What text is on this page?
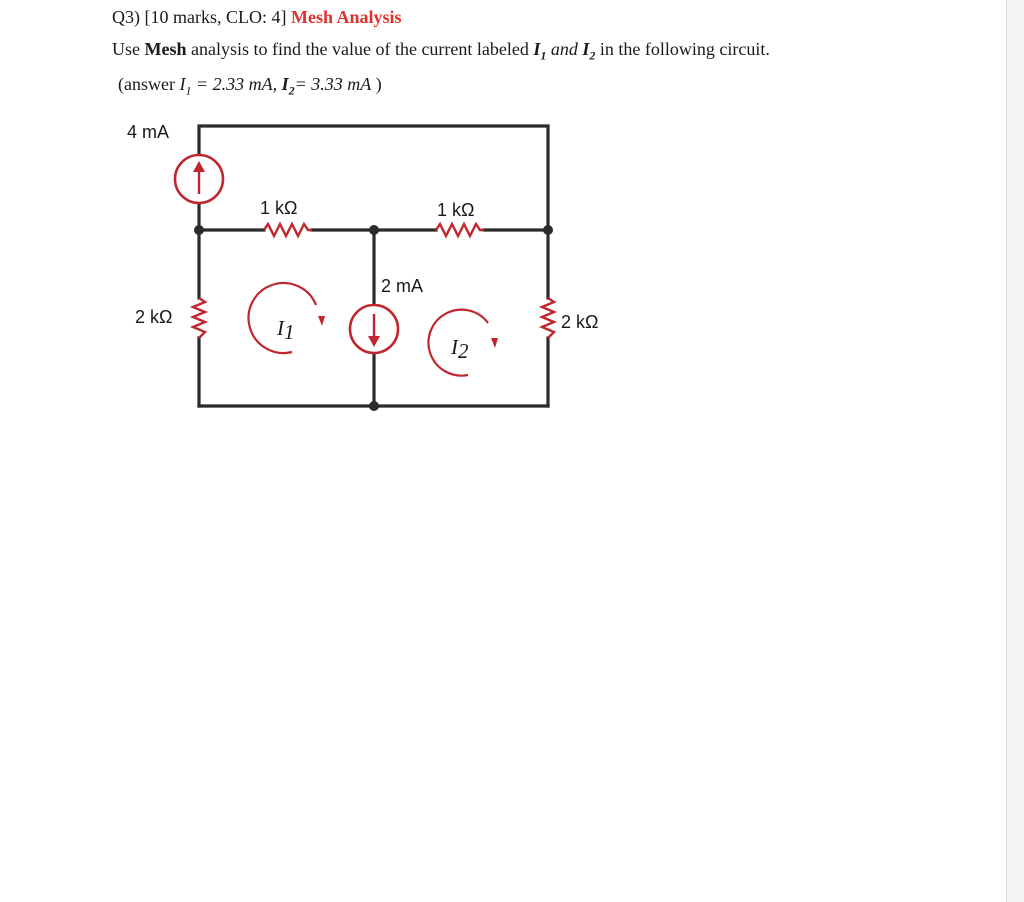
Q3) [10 marks, CLO: 4] Mesh Analysis
Use Mesh analysis to find the value of the current labeled $I_1$ and $I_2$ in the following circuit.
(answer $I_1 = 2.33$ mA, $I_2= 3.33$ mA )
4 mA
2 mA
1 kΩ	1 kΩ
2 kΩ	2 kΩ
I1
I2
